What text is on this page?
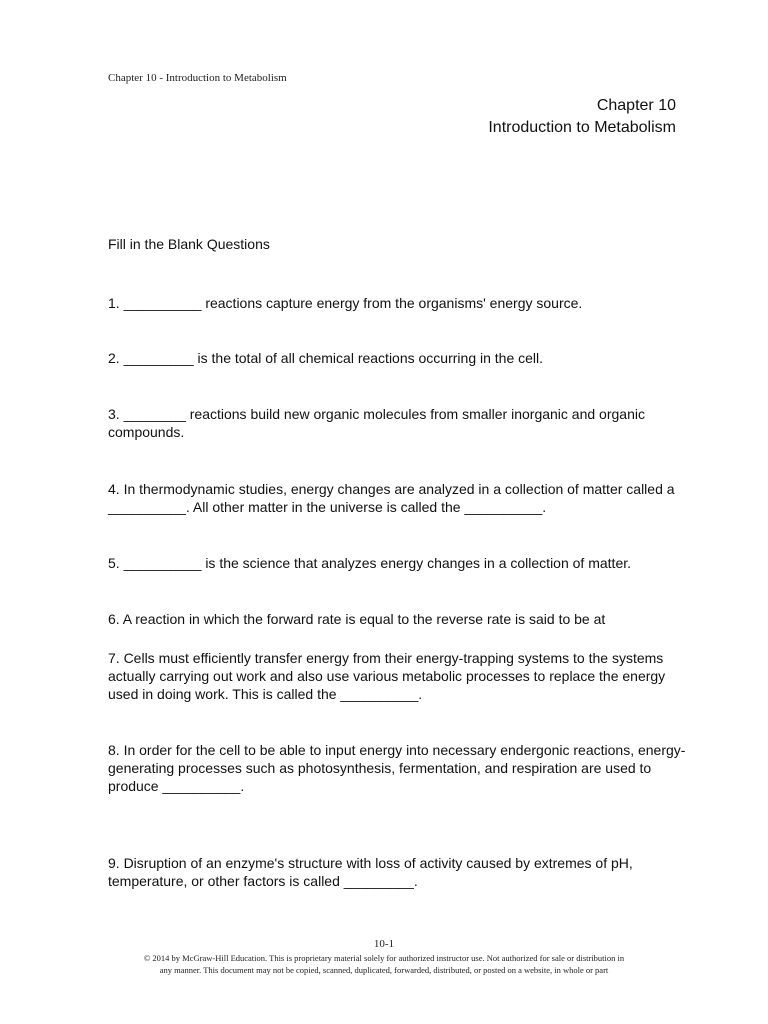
Chapter 10 - Introduction to Metabolism
Chapter 10
Introduction to Metabolism
Fill in the Blank Questions
1. __________ reactions capture energy from the organisms' energy source.
2. _________ is the total of all chemical reactions occurring in the cell.
3. ________ reactions build new organic molecules from smaller inorganic and organic compounds.
4. In thermodynamic studies, energy changes are analyzed in a collection of matter called a __________. All other matter in the universe is called the __________.
5. __________ is the science that analyzes energy changes in a collection of matter.
6. A reaction in which the forward rate is equal to the reverse rate is said to be at
7. Cells must efficiently transfer energy from their energy-trapping systems to the systems actually carrying out work and also use various metabolic processes to replace the energy used in doing work. This is called the __________.
8. In order for the cell to be able to input energy into necessary endergonic reactions, energy-generating processes such as photosynthesis, fermentation, and respiration are used to produce __________.
9. Disruption of an enzyme's structure with loss of activity caused by extremes of pH, temperature, or other factors is called _________.
10-1
© 2014 by McGraw-Hill Education. This is proprietary material solely for authorized instructor use. Not authorized for sale or distribution in
any manner. This document may not be copied, scanned, duplicated, forwarded, distributed, or posted on a website, in whole or part
